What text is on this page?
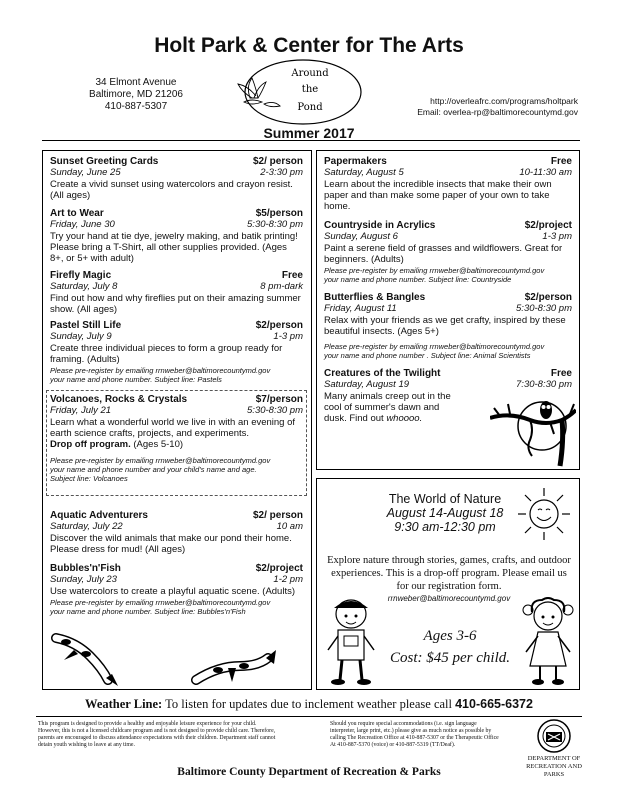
Holt Park & Center for The Arts
34 Elmont Avenue
Baltimore, MD 21206
410-887-5307
Around
the
Pond
http://overleafrc.com/programs/holtpark
Email: overlea-rp@baltimorecountymd.gov
Summer 2017
Sunset Greeting Cards	$2/ person
Sunday, June 25	2-3:30 pm
Create a vivid sunset using watercolors and crayon resist. (All ages)
Art to Wear	$5/person
Friday, June 30	5:30-8:30 pm
Try your hand at tie dye, jewelry making, and batik printing! Please bring a T-Shirt, all other supplies provided. (Ages 8+, or 5+ with adult)
Firefly Magic	Free
Saturday, July 8	8 pm-dark
Find out how and why fireflies put on their amazing summer show. (All ages)
Pastel Still Life	$2/person
Sunday, July 9	1-3 pm
Create three individual pieces to form a group ready for framing. (Adults)
Please pre-register by emailing rrnweber@baltimorecountymd.gov
your name and phone number. Subject line: Pastels
Volcanoes, Rocks & Crystals	$7/person
Friday, July 21	5:30-8:30 pm
Learn what a wonderful world we live in with an evening of earth science crafts, projects, and experiments.
Drop off program. (Ages 5-10)
Please pre-register by emailing rrnweber@baltimorecountymd.gov
your name and phone number and your child's name and age.
Subject line: Volcanoes
Aquatic Adventurers	$2/ person
Saturday, July 22	10 am
Discover the wild animals that make our pond their home. Please dress for mud! (All ages)
Bubbles'n'Fish	$2/project
Sunday, July 23	1-2 pm
Use watercolors to create a playful aquatic scene. (Adults)
Please pre-register by emailing rrnweber@baltimorecountymd.gov
your name and phone number. Subject line: Bubbles'n'Fish
Papermakers	Free
Saturday, August 5	10-11:30 am
Learn about the incredible insects that make their own paper and than make some paper of your own to take home.
Countryside in Acrylics	$2/project
Sunday, August 6	1-3 pm
Paint a serene field of grasses and wildflowers. Great for beginners. (Adults)
Please pre-register by emailing rrnweber@baltimorecountymd.gov
your name and phone number. Subject line: Countryside
Butterflies & Bangles	$2/person
Friday, August 11	5:30-8:30 pm
Relax with your friends as we get crafty, inspired by these beautiful insects. (Ages 5+)
Please pre-register by emailing rrnweber@baltimorecountymd.gov
your name and phone number . Subject line: Animal Scientists
Creatures of the Twilight	Free
Saturday, August 19	7:30-8:30 pm
Many animals creep out in the cool of summer's dawn and dusk. Find out whoooo.
The World of Nature
August 14-August 18
9:30 am-12:30 pm
Explore nature through stories, games, crafts, and outdoor experiences. This is a drop-off program. Please email us for our registration form.
rrnweber@baltimorecountymd.gov
Ages 3-6
Cost: $45 per child.
Weather Line: To listen for updates due to inclement weather please call 410-665-6372
This program is designed to provide a healthy and enjoyable leisure experience for your child. However, this is not a licensed childcare program and is not designed to provide child care. Therefore, parents are encouraged to discuss attendance expectations with their children. Department staff cannot detain youth wishing to leave at any time.
Should you require special accommodations (i.e. sign language interpreter, large print, etc.) please give as much notice as possible by calling The Recreation Office at 410-887-5307 or the Therapeutic Office At 410-887-5370 (voice) or 410-887-5319 (TT/Deaf).
DEPARTMENT OF
RECREATION AND PARKS
Baltimore County Department of Recreation & Parks
